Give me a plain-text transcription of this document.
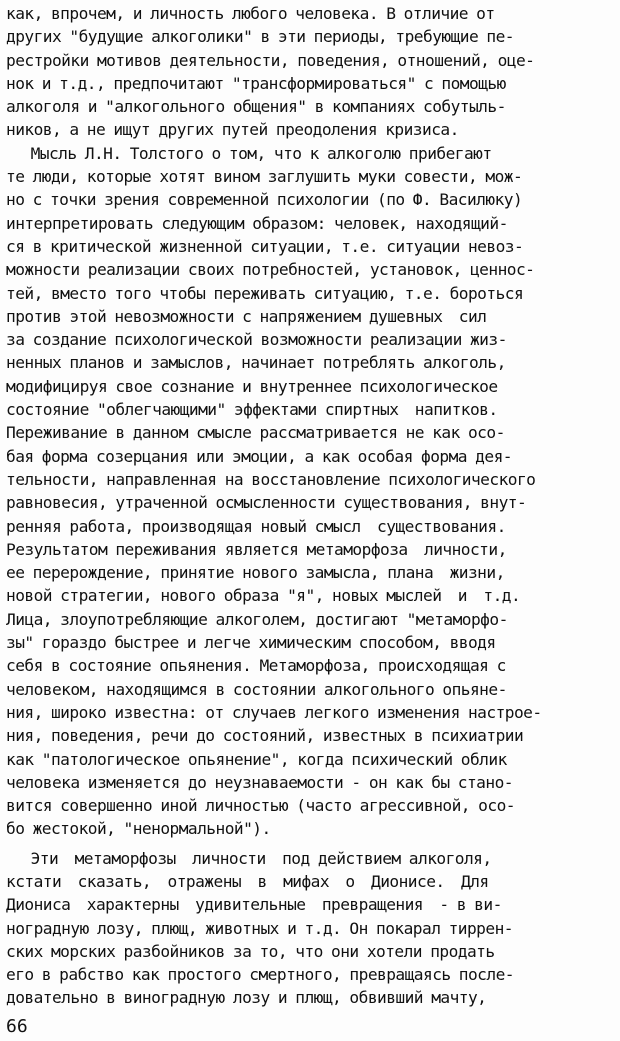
как, впрочем, и личность любого человека. В отличие от
других "будущие алкоголики" в эти периоды, требующие пе-
рестройки мотивов деятельности, поведения, отношений, оце-
нок и т.д., предпочитают "трансформироваться" с помощью
алкоголя и "алкогольного общения" в компаниях собутыль-
ников, а не ищут других путей преодоления кризиса.
Мысль Л.Н. Толстого о том, что к алкоголю прибегают
те люди, которые хотят вином заглушить муки совести, мож-
но с точки зрения современной психологии (по Ф. Василюку)
интерпретировать следующим образом: человек, находящий-
ся в критической жизненной ситуации, т.е. ситуации невоз-
можности реализации своих потребностей, установок, ценнос-
тей, вместо того чтобы переживать ситуацию, т.е. бороться
против этой невозможности с напряжением душевных  сил
за создание психологической возможности реализации жиз-
ненных планов и замыслов, начинает потреблять алкоголь,
модифицируя свое сознание и внутреннее психологическое
состояние "облегчающими" эффектами спиртных  напитков.
Переживание в данном смысле рассматривается не как осо-
бая форма созерцания или эмоции, а как особая форма дея-
тельности, направленная на восстановление психологического
равновесия, утраченной осмысленности существования, внут-
ренняя работа, производящая новый смысл  существования.
Результатом переживания является метаморфоза  личности,
ее перерождение, принятие нового замысла, плана  жизни,
новой стратегии, нового образа "я", новых мыслей  и  т.д.
Лица, злоупотребляющие алкоголем, достигают "метаморфо-
зы" гораздо быстрее и легче химическим способом, вводя
себя в состояние опьянения. Метаморфоза, происходящая с
человеком, находящимся в состоянии алкогольного опьяне-
ния, широко известна: от случаев легкого изменения настрое-
ния, поведения, речи до состояний, известных в психиатрии
как "патологическое опьянение", когда психический облик
человека изменяется до неузнаваемости - он как бы стано-
вится совершенно иной личностью (часто агрессивной, осо-
бо жестокой, "ненормальной").
Эти  метаморфозы  личности  под действием алкоголя,
кстати  сказать,  отражены  в  мифах  о  Дионисе.  Для
Диониса  характерны  удивительные  превращения  - в ви-
ноградную лозу, плющ, животных и т.д. Он покарал тиррен-
ских морских разбойников за то, что они хотели продать
его в рабство как простого смертного, превращаясь после-
довательно в виноградную лозу и плющ, обвивший мачту,
66
